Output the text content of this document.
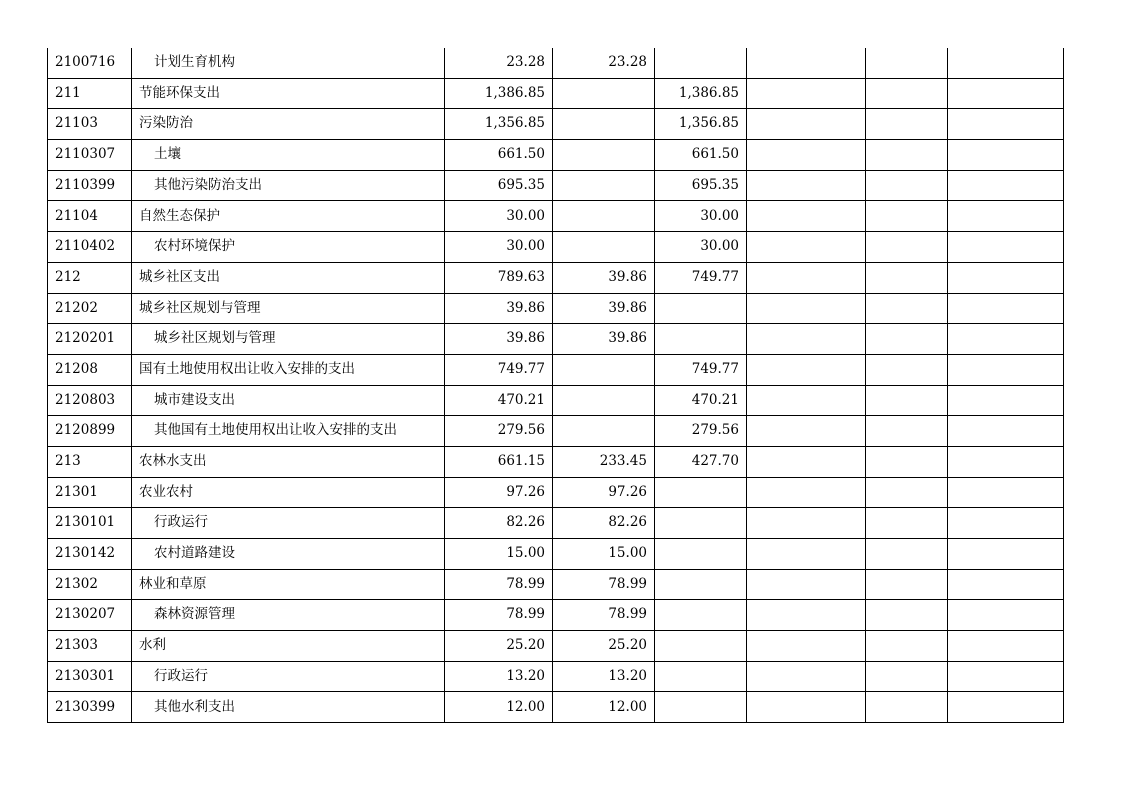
2100716	计划生育机构	23.28	23.28				
211	节能环保支出	1,386.85		1,386.85			
21103	污染防治	1,356.85		1,356.85			
2110307	土壤	661.50		661.50			
2110399	其他污染防治支出	695.35		695.35			
21104	自然生态保护	30.00		30.00			
2110402	农村环境保护	30.00		30.00			
212	城乡社区支出	789.63	39.86	749.77			
21202	城乡社区规划与管理	39.86	39.86				
2120201	城乡社区规划与管理	39.86	39.86				
21208	国有土地使用权出让收入安排的支出	749.77		749.77			
2120803	城市建设支出	470.21		470.21			
2120899	其他国有土地使用权出让收入安排的支出	279.56		279.56			
213	农林水支出	661.15	233.45	427.70			
21301	农业农村	97.26	97.26				
2130101	行政运行	82.26	82.26				
2130142	农村道路建设	15.00	15.00				
21302	林业和草原	78.99	78.99				
2130207	森林资源管理	78.99	78.99				
21303	水利	25.20	25.20				
2130301	行政运行	13.20	13.20				
2130399	其他水利支出	12.00	12.00				
